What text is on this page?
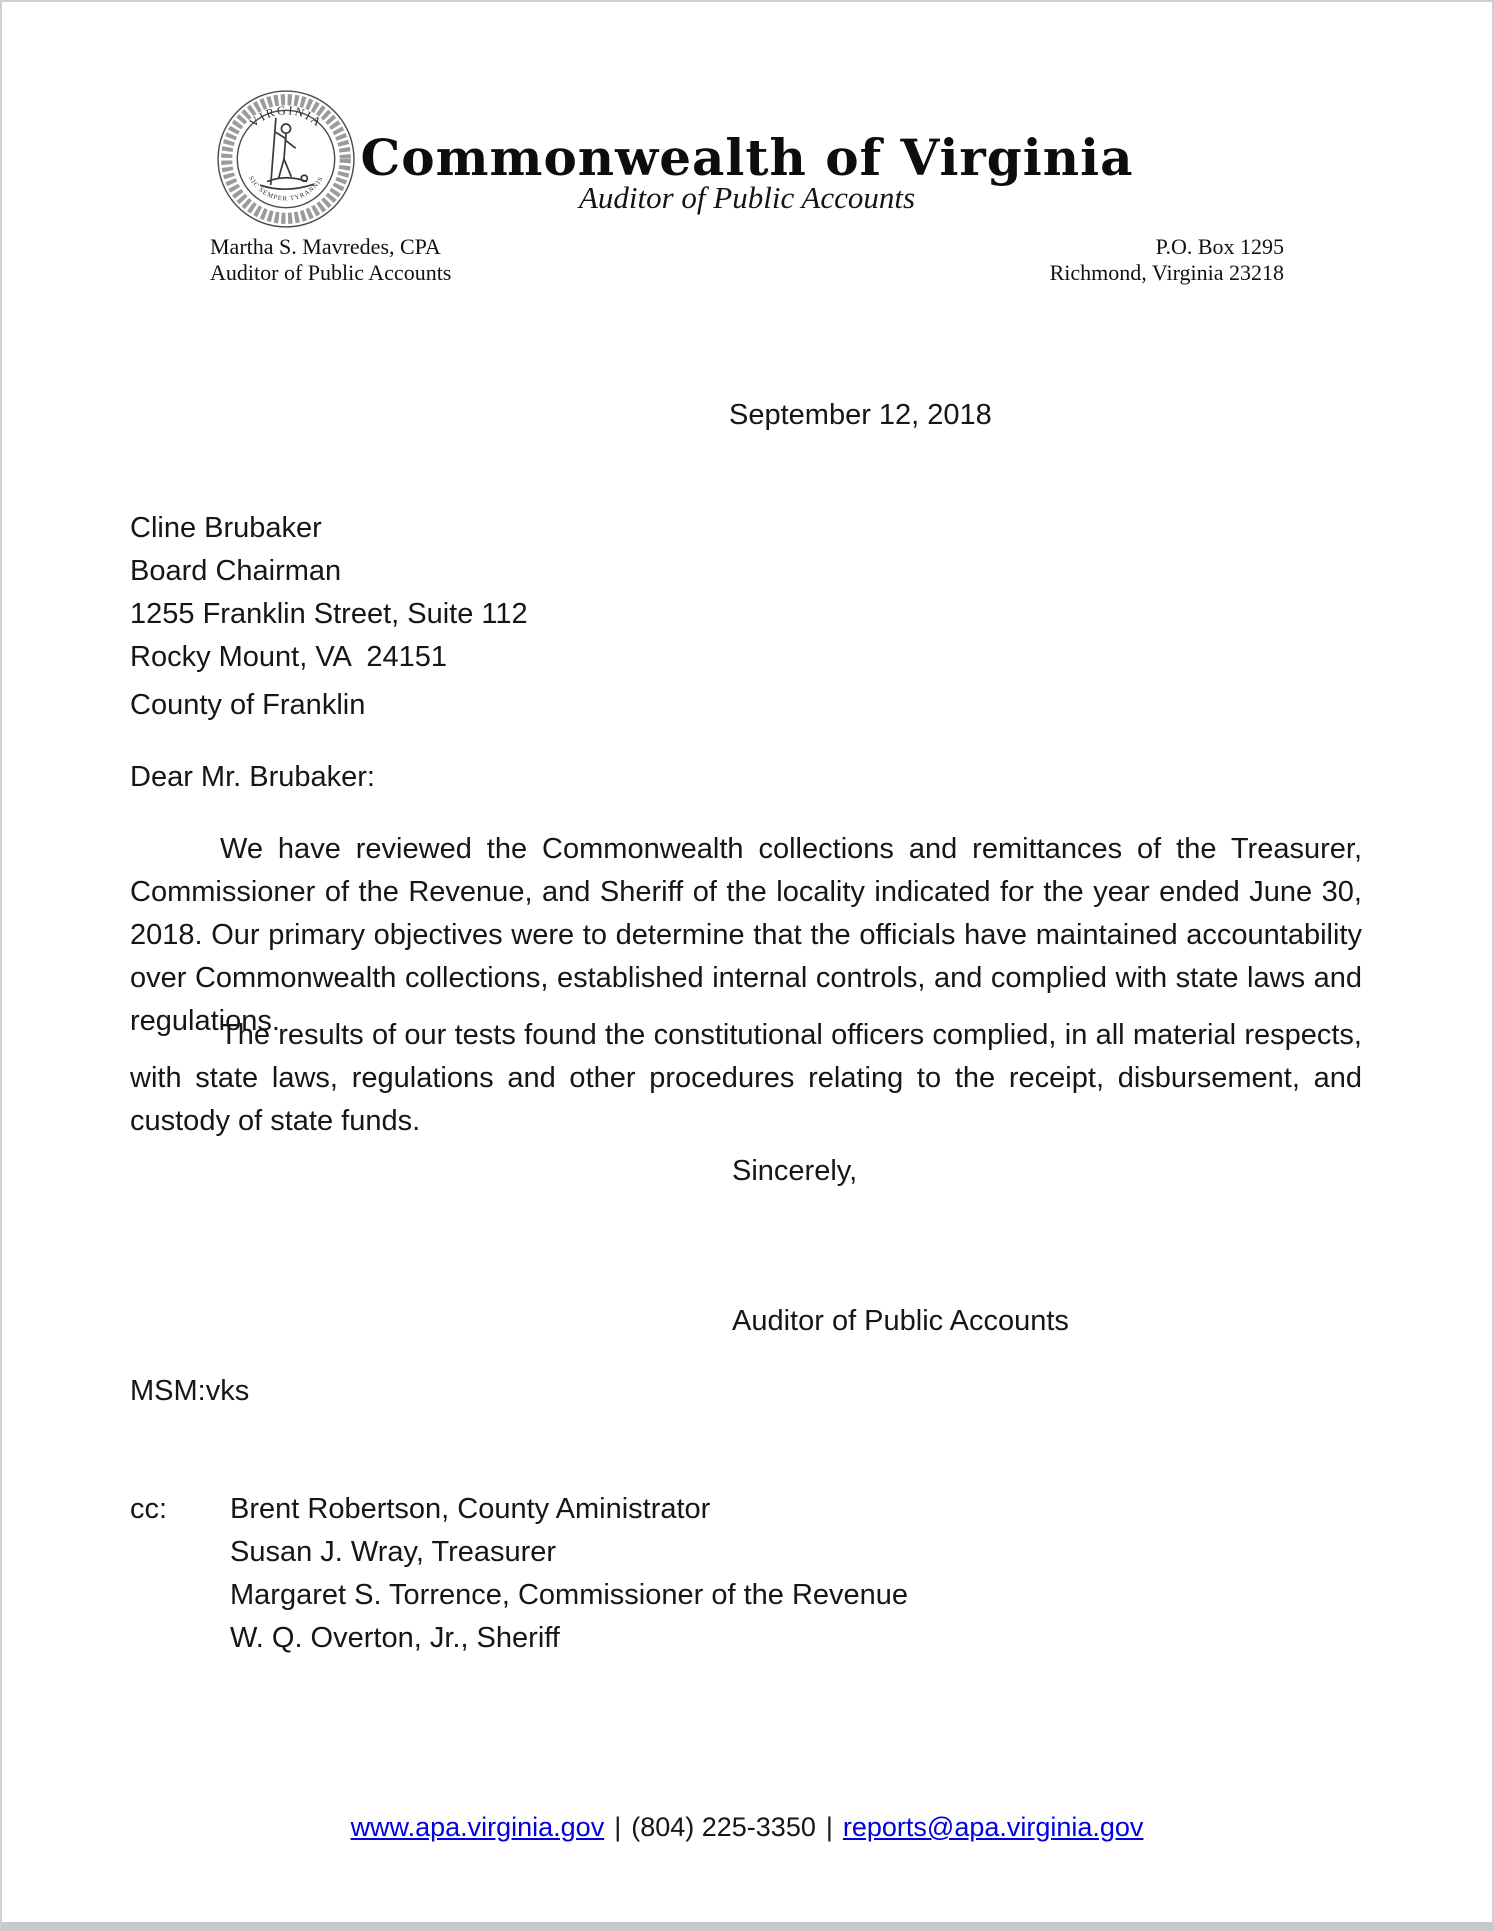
VIRGINIA
SIC SEMPER TYRANNIS Commonwealth of Virginia
Auditor of Public Accounts
Martha S. Mavredes, CPA
Auditor of Public Accounts
P.O. Box 1295
Richmond, Virginia 23218
September 12, 2018
Cline Brubaker
Board Chairman
1255 Franklin Street, Suite 112
Rocky Mount, VA  24151
County of Franklin
Dear Mr. Brubaker:

We have reviewed the Commonwealth collections and remittances of the Treasurer, Commissioner of the Revenue, and Sheriff of the locality indicated for the year ended June 30, 2018. Our primary objectives were to determine that the officials have maintained accountability over Commonwealth collections, established internal controls, and complied with state laws and regulations.

The results of our tests found the constitutional officers complied, in all material respects, with state laws, regulations and other procedures relating to the receipt, disbursement, and custody of state funds.

Sincerely,
Auditor of Public Accounts
MSM:vks
cc: Brent Robertson, County Aministrator
Susan J. Wray, Treasurer
Margaret S. Torrence, Commissioner of the Revenue
W. Q. Overton, Jr., Sheriff
www.apa.virginia.gov | (804) 225-3350 | reports@apa.virginia.gov
